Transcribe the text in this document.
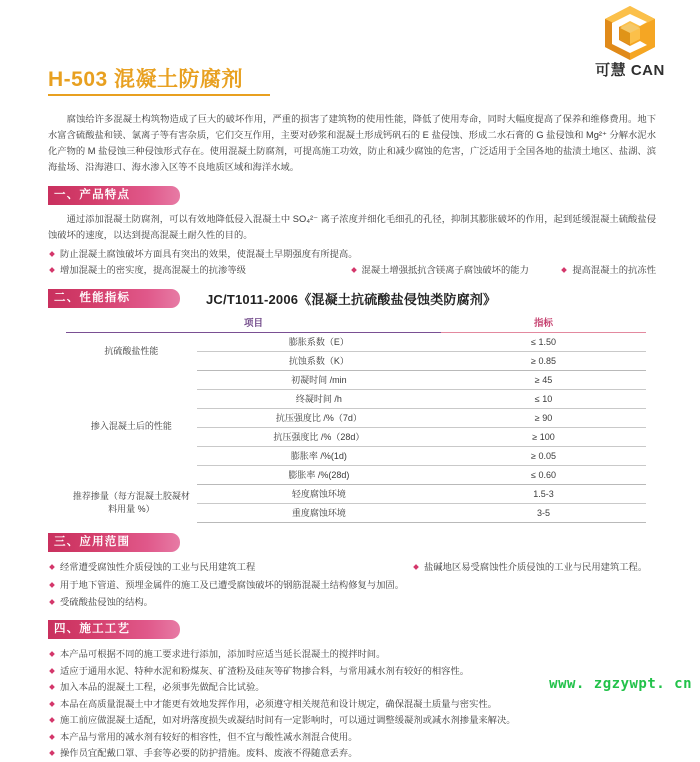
可慧 CAN
H-503 混凝土防腐剂

腐蚀给许多混凝土构筑物造成了巨大的破坏作用，严重的损害了建筑物的使用性能，降低了使用寿命，同时大幅度提高了保养和维修费用。地下水富含硫酸盐和镁、氯离子等有害杂质，它们交互作用，主要对砂浆和混凝土形成钙矾石的 E 盐侵蚀、形成二水石膏的 G 盐侵蚀和 Mg²⁺ 分解水泥水化产物的 M 盐侵蚀三种侵蚀形式存在。使用混凝土防腐剂，可提高施工功效，防止和减少腐蚀的危害，广泛适用于全国各地的盐渍土地区、盐湖、滨海盐场、沿海港口、海水渗入区等不良地质区域和海洋水域。

一、产品特点

通过添加混凝土防腐剂，可以有效地降低侵入混凝土中 SO₄²⁻ 离子浓度并细化毛细孔的孔径，抑制其膨胀破坏的作用，起到延缓混凝土硫酸盐侵蚀破坏的速度，以达到提高混凝土耐久性的目的。

防止混凝土腐蚀破坏方面具有突出的效果，使混凝土早期强度有所提高。
增加混凝土的密实度，提高混凝土的抗渗等级	混凝土增强抵抗含镁离子腐蚀破坏的能力	提高混凝土的抗冻性
二、性能指标	JC/T1011-2006《混凝土抗硫酸盐侵蚀类防腐剂》
项目		指标
抗硫酸盐性能	膨胀系数（E）	≤ 1.50
	抗蚀系数（K）	≥ 0.85
掺入混凝土后的性能	初凝时间 /min	≥ 45
	终凝时间 /h	≤ 10
	抗压强度比 /%（7d）	≥ 90
	抗压强度比 /%（28d）	≥ 100
	膨胀率 /%(1d)	≥ 0.05
	膨胀率 /%(28d)	≤ 0.60
推荐掺量（每方混凝土胶凝材料用量 %）	轻度腐蚀环境	1.5-3
	重度腐蚀环境	3-5
三、应用范围
经常遭受腐蚀性介质侵蚀的工业与民用建筑工程	盐碱地区易受腐蚀性介质侵蚀的工业与民用建筑工程。
用于地下管道、预埋金属件的施工及已遭受腐蚀破坏的钢筋混凝土结构修复与加固。
受硫酸盐侵蚀的结构。
四、施工工艺
本产品可根据不同的施工要求进行添加，添加时应适当延长混凝土的搅拌时间。
适应于通用水泥、特种水泥和粉煤灰、矿渣粉及硅灰等矿物掺合料，与常用减水剂有较好的相容性。
加入本品的混凝土工程，必须事先做配合比试验。
本品在高质量混凝土中才能更有效地发挥作用，必须遵守相关规范和设计规定，确保混凝土质量与密实性。
施工前应做混凝土适配，如对坍落度损失或凝结时间有一定影响时，可以通过调整缓凝剂或减水剂掺量来解决。
本产品与常用的减水剂有较好的相容性，但不宜与酸性减水剂混合使用。
操作员宜配戴口罩、手套等必要的防护措施。废料、废液不得随意丢弃。
www. zgzywpt. cn
